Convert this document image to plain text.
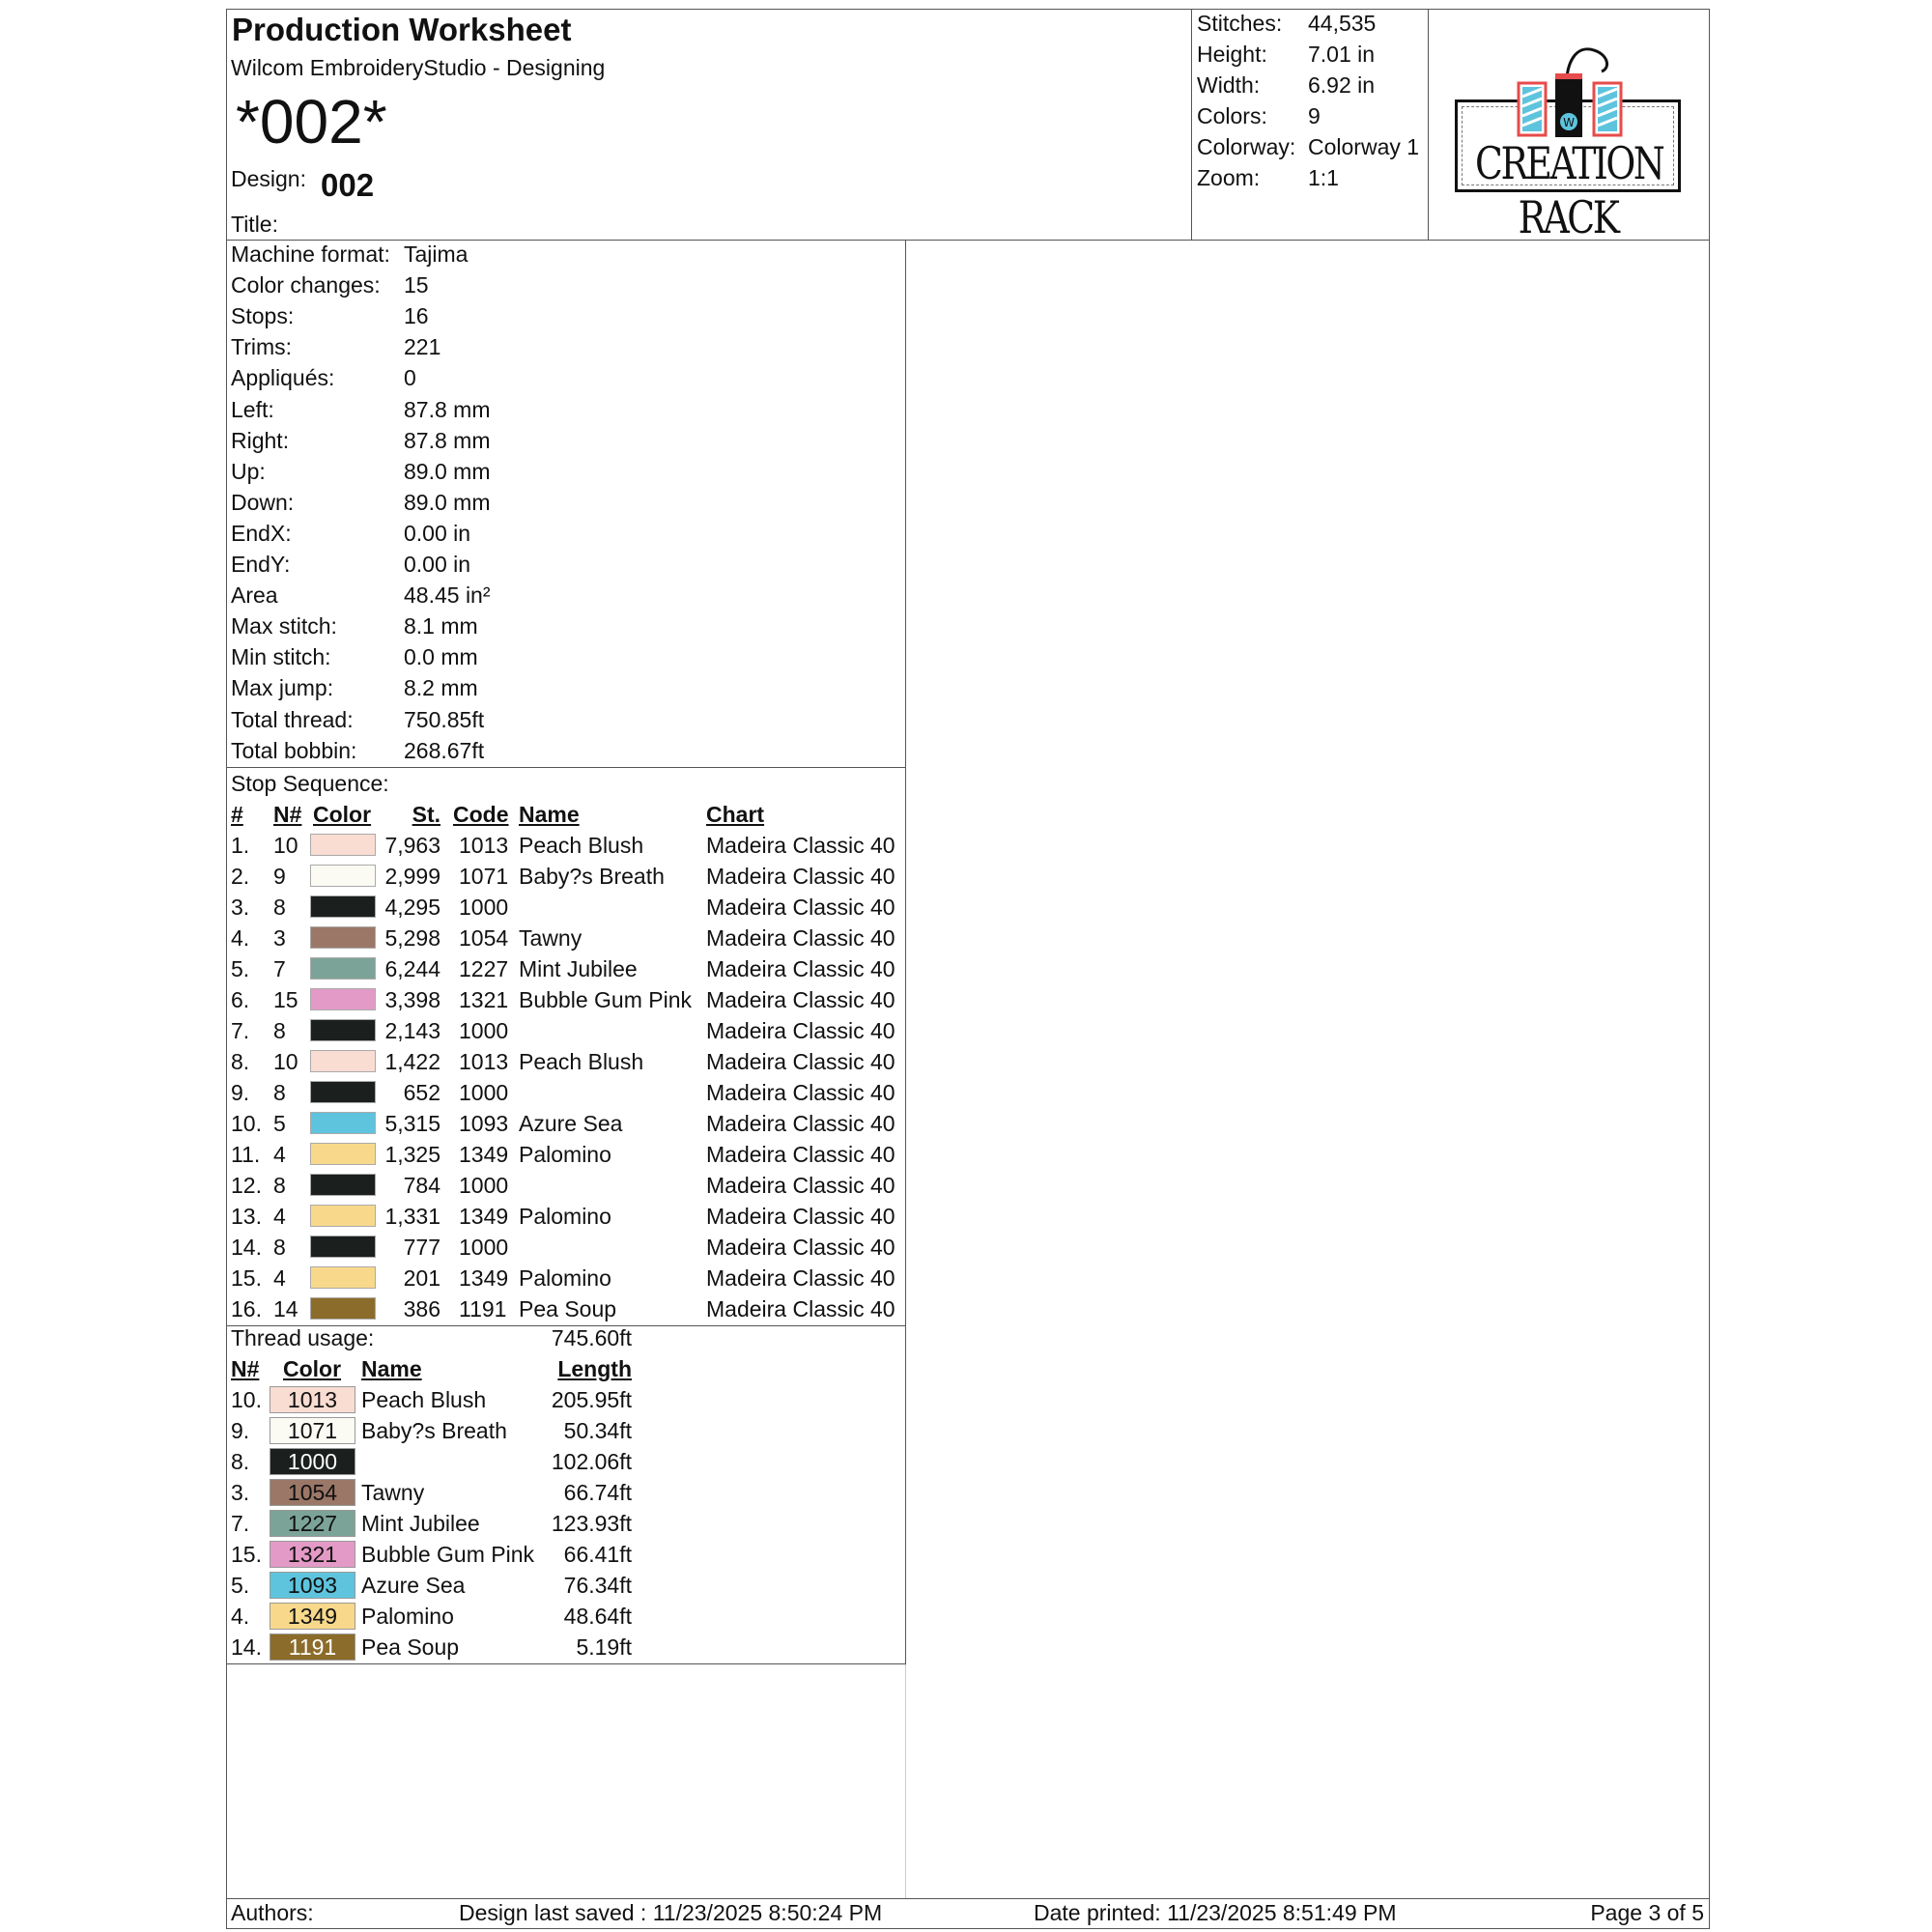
Production Worksheet
Wilcom EmbroideryStudio - Designing
*002*
Design: 002
Title:
Stitches: 44,535
Height: 7.01 in
Width: 6.92 in
Colors: 9
Colorway: Colorway 1
Zoom: 1:1
W
CREATION RACK
Machine format: Tajima
Color changes: 15
Stops:	16
Trims:	221
Appliqués:	0
Left:	87.8 mm
Right:	87.8 mm
Up:	89.0 mm
Down:	89.0 mm
EndX:	0.00 in
EndY:	0.00 in
Area	48.45 in²
Max stitch:	8.1 mm
Min stitch:	0.0 mm
Max jump:	8.2 mm
Total thread: 750.85ft
Total bobbin: 268.67ft
Stop Sequence:
# N# Color	St. Code Name	Chart
1. 10	7,963 1013 Peach Blush	Madeira Classic 40
2. 9	2,999 1071 Baby?s Breath Madeira Classic 40
3. 8	4,295 1000	Madeira Classic 40
4. 3	5,298 1054 Tawny	Madeira Classic 40
5. 7	6,244 1227 Mint Jubilee	Madeira Classic 40
6. 15	3,398 1321 Bubble Gum Pink Madeira Classic 40
7. 8	2,143 1000	Madeira Classic 40
8. 10	1,422 1013 Peach Blush	Madeira Classic 40
9. 8	652 1000	Madeira Classic 40
10. 5	5,315 1093 Azure Sea	Madeira Classic 40
11. 4	1,325 1349 Palomino	Madeira Classic 40
12. 8	784 1000	Madeira Classic 40
13. 4	1,331 1349 Palomino	Madeira Classic 40
14. 8	777 1000	Madeira Classic 40
15. 4	201 1349 Palomino	Madeira Classic 40
16. 14	386 1191 Pea Soup	Madeira Classic 40
Thread usage:	745.60ft
N# Color Name	Length
10.	1013	Peach Blush	205.95ft
9.	1071	Baby?s Breath	50.34ft
8.	1000	102.06ft
3.	1054	Tawny	66.74ft
7.	1227	Mint Jubilee	123.93ft
15.	1321	Bubble Gum Pink	66.41ft
5.	1093	Azure Sea	76.34ft
4.	1349	Palomino	48.64ft
14.	1191	Pea Soup	5.19ft
Authors:	Design last saved : 11/23/2025 8:50:24 PM	Date printed: 11/23/2025 8:51:49 PM	Page 3 of 5
